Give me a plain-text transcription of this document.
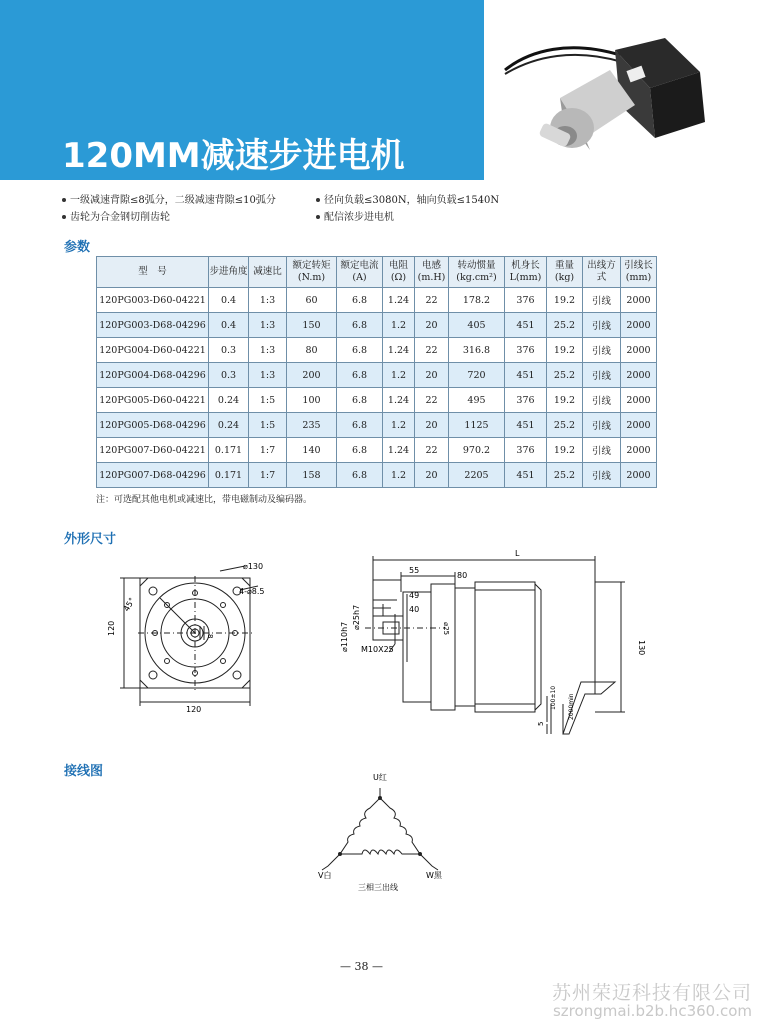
120MM减速步进电机
一级减速背隙≤8弧分，二级减速背隙≤10弧分
齿轮为合金钢切削齿轮
径向负载≤3080N，轴向负载≤1540N
配信浓步进电机
参数
型　号	步进角度	减速比	额定转矩(N.m)	额定电流(A)	电阻(Ω)	电感(m.H)	转动惯量(kg.cm²)	机身长L(mm)	重量(kg)	出线方式	引线长(mm)
120PG003-D60-04221	0.4	1:3	60	6.8	1.24	22	178.2	376	19.2	引线	2000
120PG003-D68-04296	0.4	1:3	150	6.8	1.2	20	405	451	25.2	引线	2000
120PG004-D60-04221	0.3	1:3	80	6.8	1.24	22	316.8	376	19.2	引线	2000
120PG004-D68-04296	0.3	1:3	200	6.8	1.2	20	720	451	25.2	引线	2000
120PG005-D60-04221	0.24	1:5	100	6.8	1.24	22	495	376	19.2	引线	2000
120PG005-D68-04296	0.24	1:5	235	6.8	1.2	20	1125	451	25.2	引线	2000
120PG007-D60-04221	0.171	1:7	140	6.8	1.24	22	970.2	376	19.2	引线	2000
120PG007-D68-04296	0.171	1:7	158	6.8	1.2	20	2205	451	25.2	引线	2000
注：可选配其他电机或减速比，带电磁制动及编码器。
外形尺寸
⌀130
4-⌀8.5
45°
120
120
8
L
55
80
49
40
⌀25h7
⌀110h7 M10X25	130
⌀25
100±10 2000min
5
接线图	U红
V白	W黑
三相三出线
— 38 —
苏州荣迈科技有限公司
szrongmai.b2b.hc360.com
